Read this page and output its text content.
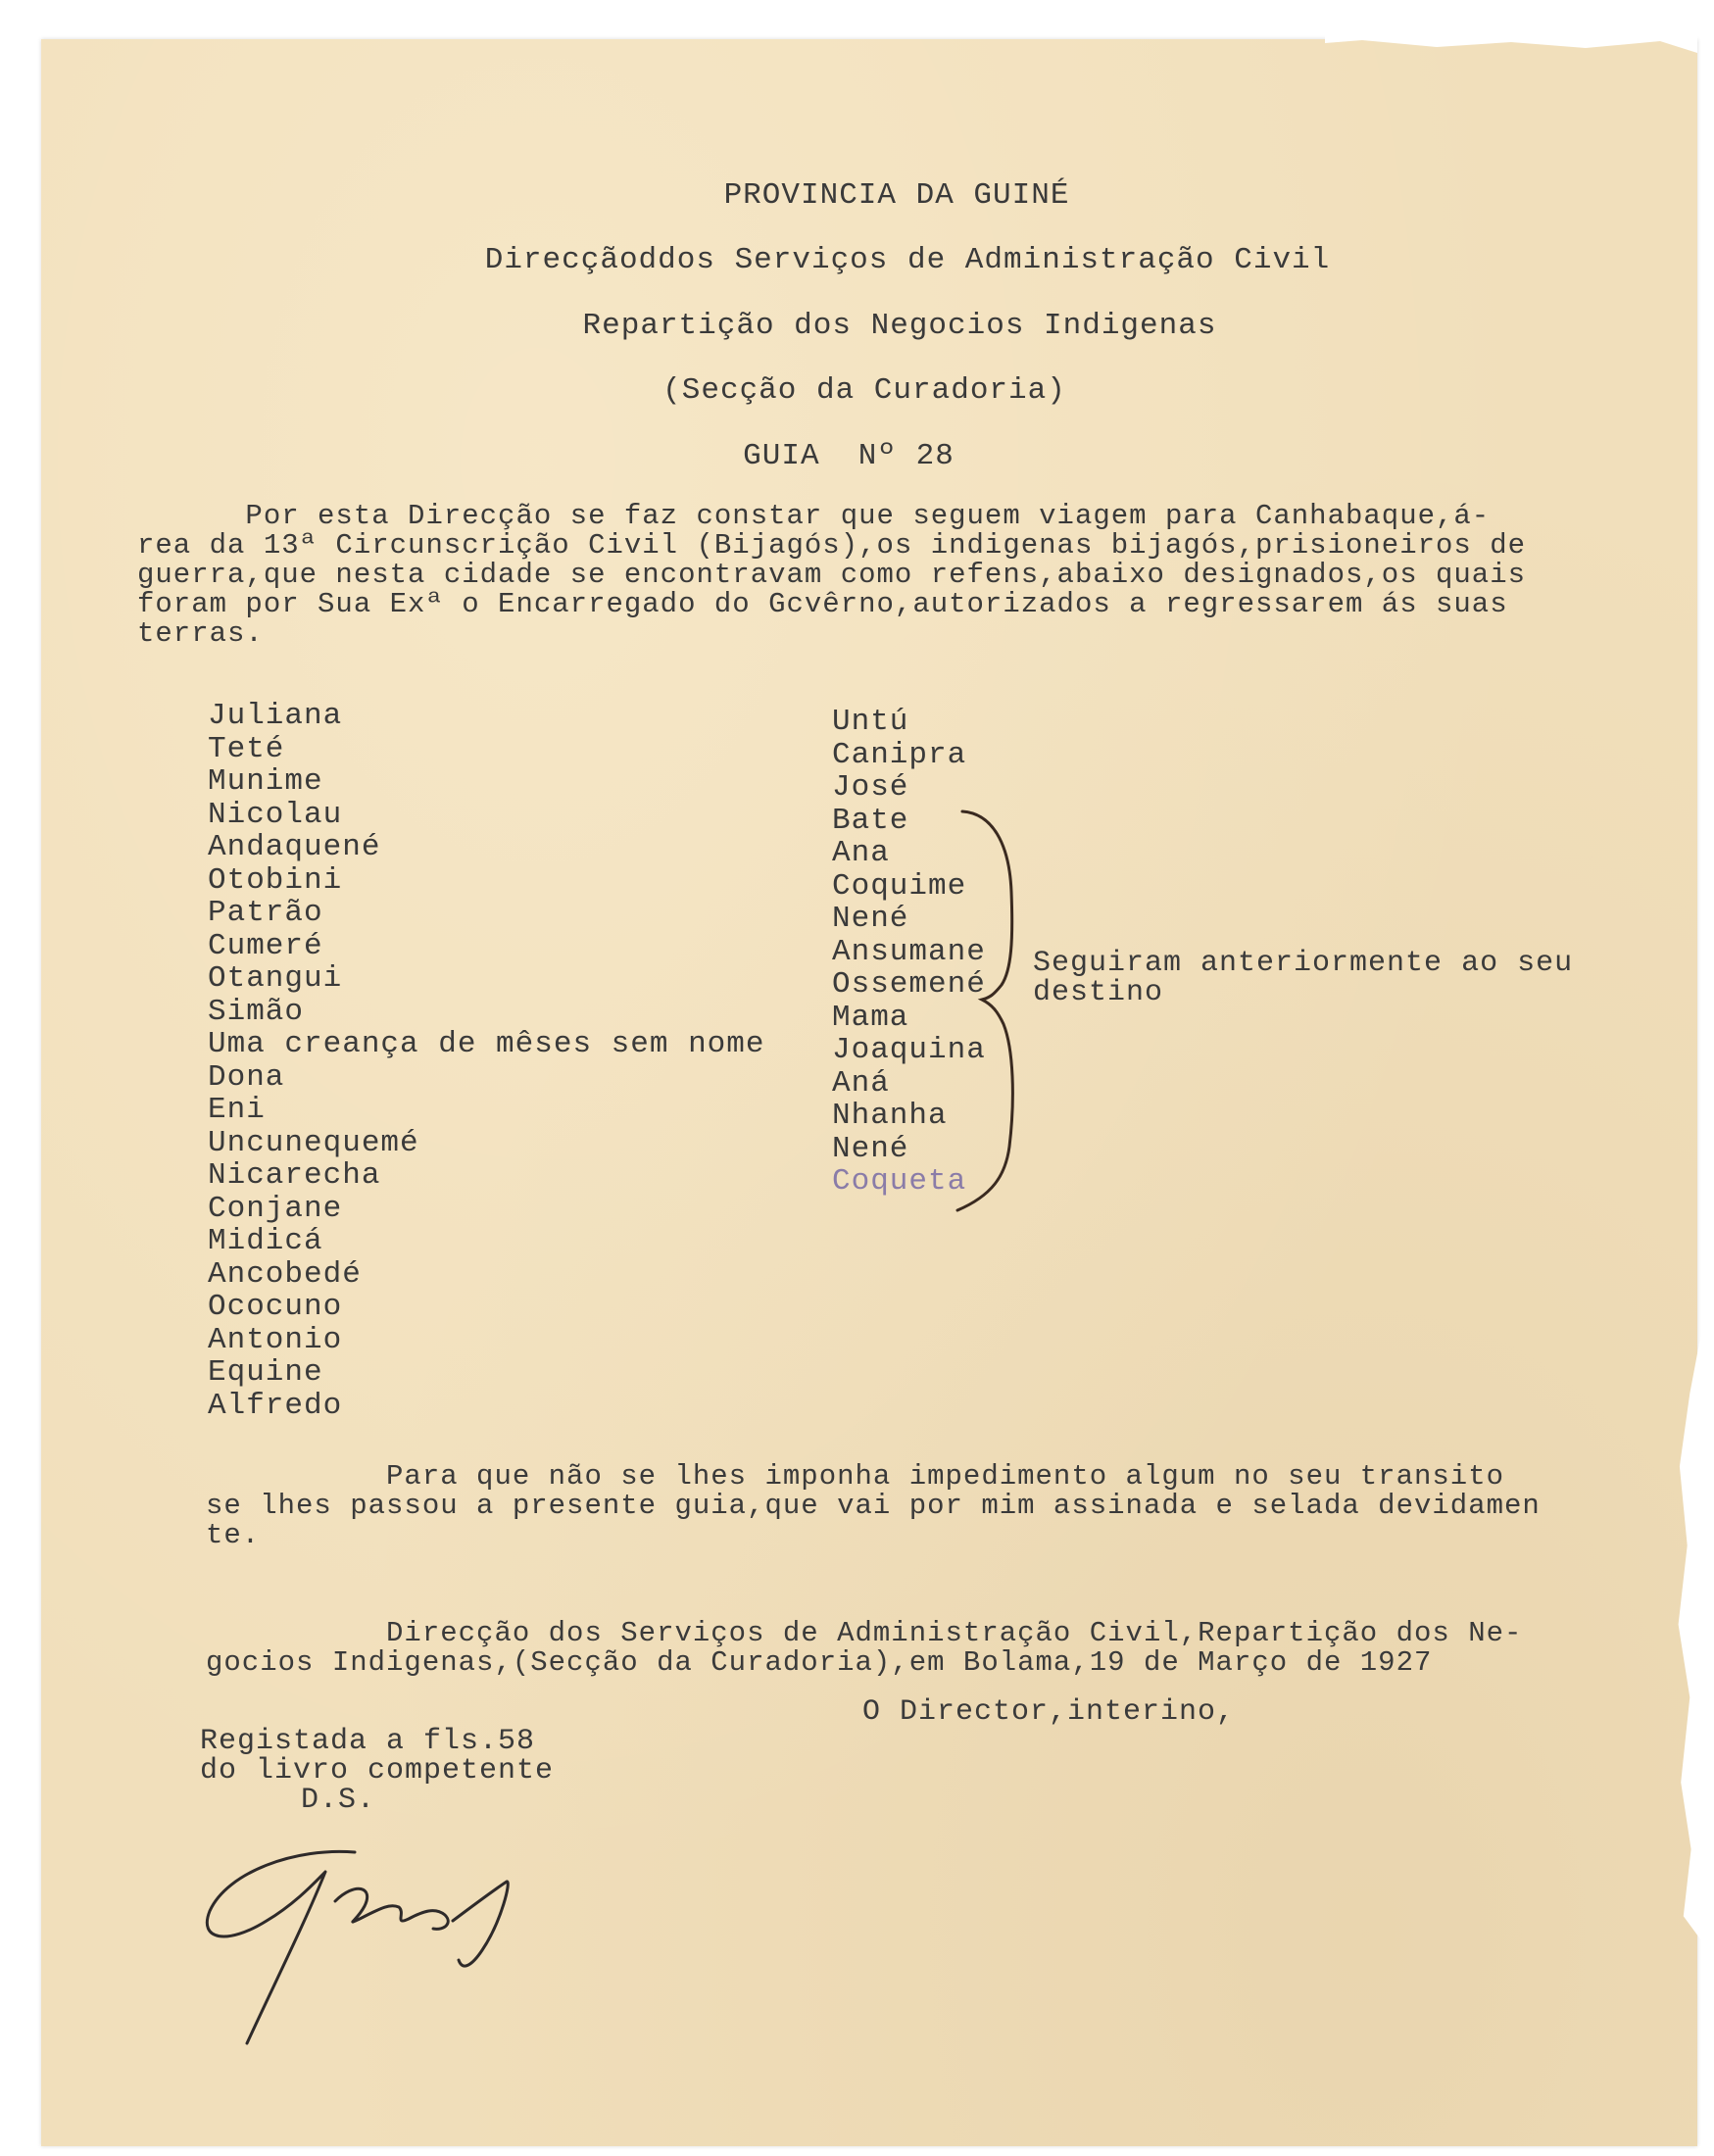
PROVINCIA DA GUINÉ
Direcçãoddos Serviços de Administração Civil
Repartição dos Negocios Indigenas
(Secção da Curadoria)
GUIA  Nº 28
Por esta Direcção se faz constar que seguem viagem para Canhabaque,á-
rea da 13ª Circunscrição Civil (Bijagós),os indigenas bijagós,prisioneiros de
guerra,que nesta cidade se encontravam como refens,abaixo designados,os quais
foram por Sua Exª o Encarregado do Gcvêrno,autorizados a regressarem ás suas
terras.
Juliana
Teté
Munime
Nicolau
Andaquené
Otobini
Patrão
Cumeré
Otangui
Simão
Uma creança de mêses sem nome
Dona
Eni
Uncunequemé
Nicarecha
Conjane
Midicá
Ancobedé
Ococuno
Antonio
Equine
Alfredo
Untú
Canipra
José
Bate
Ana
Coquime
Nené
Ansumane
Ossemené
Mama
Joaquina
Aná
Nhanha
Nené
Coqueta
Seguiram anteriormente ao seu
destino
Para que não se lhes imponha impedimento algum no seu transito
se lhes passou a presente guia,que vai por mim assinada e selada devidamen
te.
Direcção dos Serviços de Administração Civil,Repartição dos Ne-
gocios Indigenas,(Secção da Curadoria),em Bolama,19 de Março de 1927
O Director,interino,
Registada a fls.58
do livro competente
D.S.
